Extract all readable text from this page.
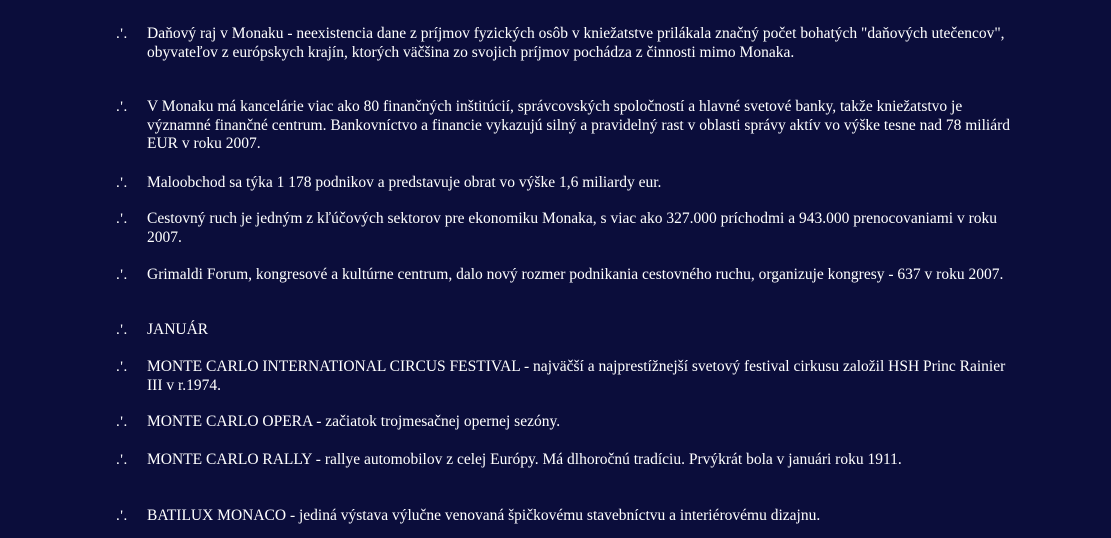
.'.	Daňový raj v Monaku - neexistencia dane z príjmov fyzických osôb v kniežatstve prilákala značný počet bohatých "daňových utečencov", obyvateľov z európskych krajín, ktorých väčšina zo svojich príjmov pochádza z činnosti mimo Monaka.
.'.	V Monaku má kancelárie viac ako 80 finančných inštitúcií, správcovských spoločností a hlavné svetové banky, takže kniežatstvo je významné finančné centrum. Bankovníctvo a financie vykazujú silný a pravidelný rast v oblasti správy aktív vo výške tesne nad 78 miliárd EUR v roku 2007.
.'.	Maloobchod sa týka 1 178 podnikov a predstavuje obrat vo výške 1,6 miliardy eur.
.'.	Cestovný ruch je jedným z kľúčových sektorov pre ekonomiku Monaka, s viac ako 327.000 príchodmi a 943.000 prenocovaniami v roku 2007.
.'.	Grimaldi Forum, kongresové a kultúrne centrum, dalo nový rozmer podnikania cestovného ruchu, organizuje kongresy - 637 v roku 2007.
.'.	JANUÁR
.'.	MONTE CARLO INTERNATIONAL CIRCUS FESTIVAL - najväčší a najprestížnejší svetový festival cirkusu založil HSH Princ Rainier III v r.1974.
.'.	MONTE CARLO OPERA - začiatok trojmesačnej opernej sezóny.
.'.	MONTE CARLO RALLY - rallye automobilov z celej Európy. Má dlhoročnú tradíciu. Prvýkrát bola v januári roku 1911.
.'.	BATILUX MONACO - jediná výstava výlučne venovaná špičkovému stavebníctvu a interiérovému dizajnu.
